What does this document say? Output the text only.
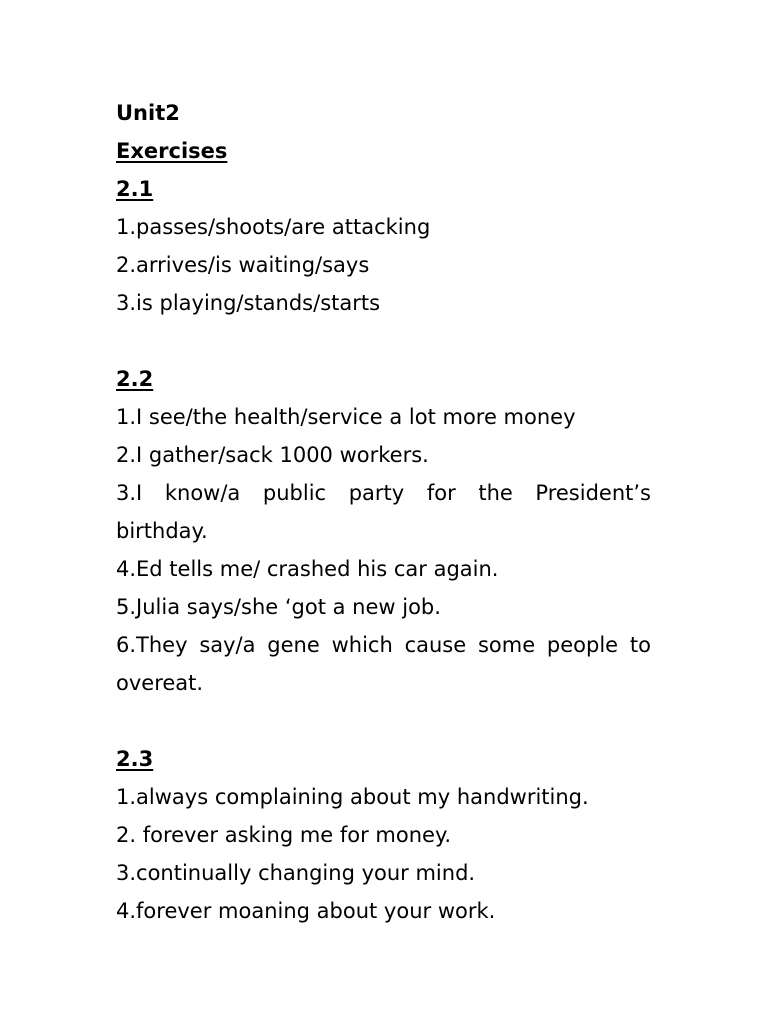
Unit2
Exercises
2.1
1.passes/shoots/are attacking
2.arrives/is waiting/says
3.is playing/stands/starts
2.2
1.I see/the health/service a lot more money
2.I gather/sack 1000 workers.
3.I know/a public party for the President’s birthday.
4.Ed tells me/ crashed his car again.
5.Julia says/she ‘got a new job.
6.They say/a gene which cause some people to overeat.
2.3
1.always complaining about my handwriting.
2. forever asking me for money.
3.continually changing your mind.
4.forever moaning about your work.
